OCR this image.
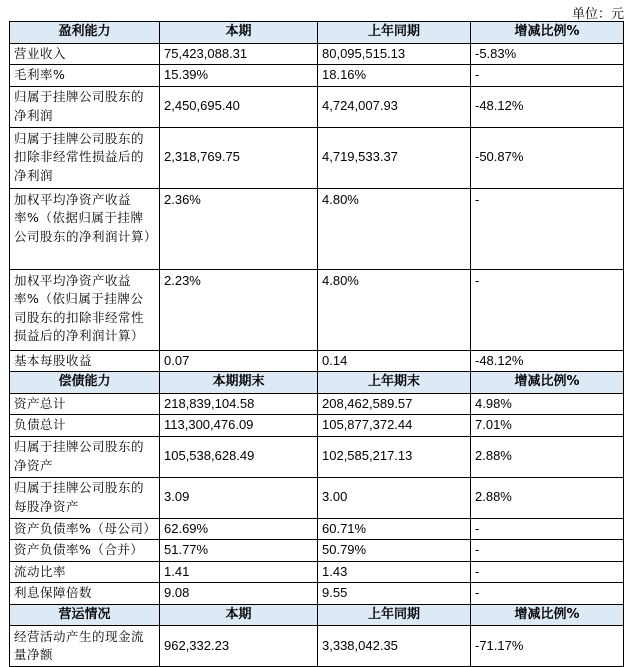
单位：元
盈利能力	本期	上年同期	增减比例%
营业收入	75,423,088.31	80,095,515.13	-5.83%
毛利率%	15.39%	18.16%	-
归属于挂牌公司股东的净利润	2,450,695.40	4,724,007.93	-48.12%
归属于挂牌公司股东的扣除非经常性损益后的净利润	2,318,769.75	4,719,533.37	-50.87%
加权平均净资产收益率%（依据归属于挂牌公司股东的净利润计算）	2.36%	4.80%	-
加权平均净资产收益率%（依归属于挂牌公司股东的扣除非经常性损益后的净利润计算）	2.23%	4.80%	-
基本每股收益	0.07	0.14	-48.12%
偿债能力	本期期末	上年期末	增减比例%
资产总计	218,839,104.58	208,462,589.57	4.98%
负债总计	113,300,476.09	105,877,372.44	7.01%
归属于挂牌公司股东的净资产	105,538,628.49	102,585,217.13	2.88%
归属于挂牌公司股东的每股净资产	3.09	3.00	2.88%
资产负债率%（母公司）	62.69%	60.71%	-
资产负债率%（合并）	51.77%	50.79%	-
流动比率	1.41	1.43	-
利息保障倍数	9.08	9.55	-
营运情况	本期	上年同期	增减比例%
经营活动产生的现金流量净额	962,332.23	3,338,042.35	-71.17%
